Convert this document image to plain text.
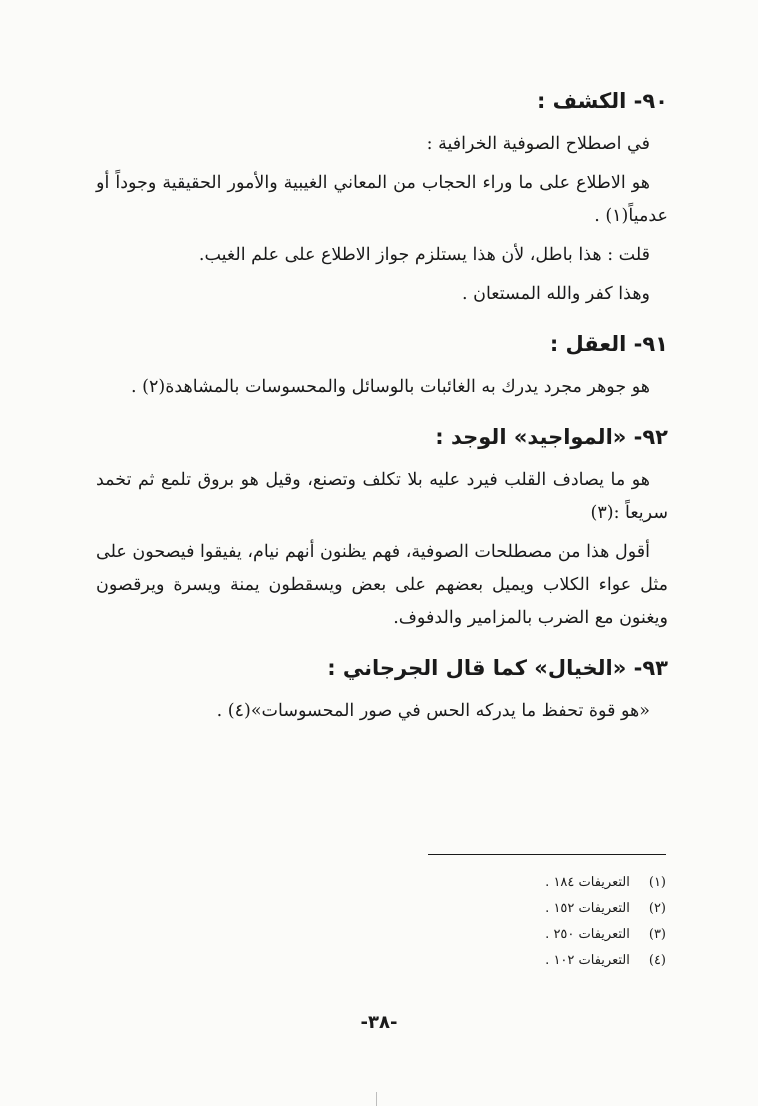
٩٠- الكشف :

في اصطلاح الصوفية الخرافية :

هو الاطلاع على ما وراء الحجاب من المعاني الغيبية والأمور الحقيقية وجوداً أو عدمياً(١) .

قلت : هذا باطل، لأن هذا يستلزم جواز الاطلاع على علم الغيب.

وهذا كفر والله المستعان .

٩١- العقل :

هو جوهر مجرد يدرك به الغائبات بالوسائل والمحسوسات بالمشاهدة(٢) .

٩٢- «المواجيد» الوجد :

هو ما يصادف القلب فيرد عليه بلا تكلف وتصنع، وقيل هو بروق تلمع ثم تخمد سريعاً :(٣)

أقول هذا من مصطلحات الصوفية، فهم يظنون أنهم نيام، يفيقوا فيصحون على مثل عواء الكلاب ويميل بعضهم على بعض ويسقطون يمنة ويسرة ويرقصون ويغنون مع الضرب بالمزامير والدفوف.

٩٣- «الخيال» كما قال الجرجاني :

«هو قوة تحفظ ما يدركه الحس في صور المحسوسات»(٤) .

(١) التعريفات ١٨٤ .
(٢) التعريفات ١٥٢ .
(٣) التعريفات ٢٥٠ .
(٤) التعريفات ١٠٢ .
-٣٨-
